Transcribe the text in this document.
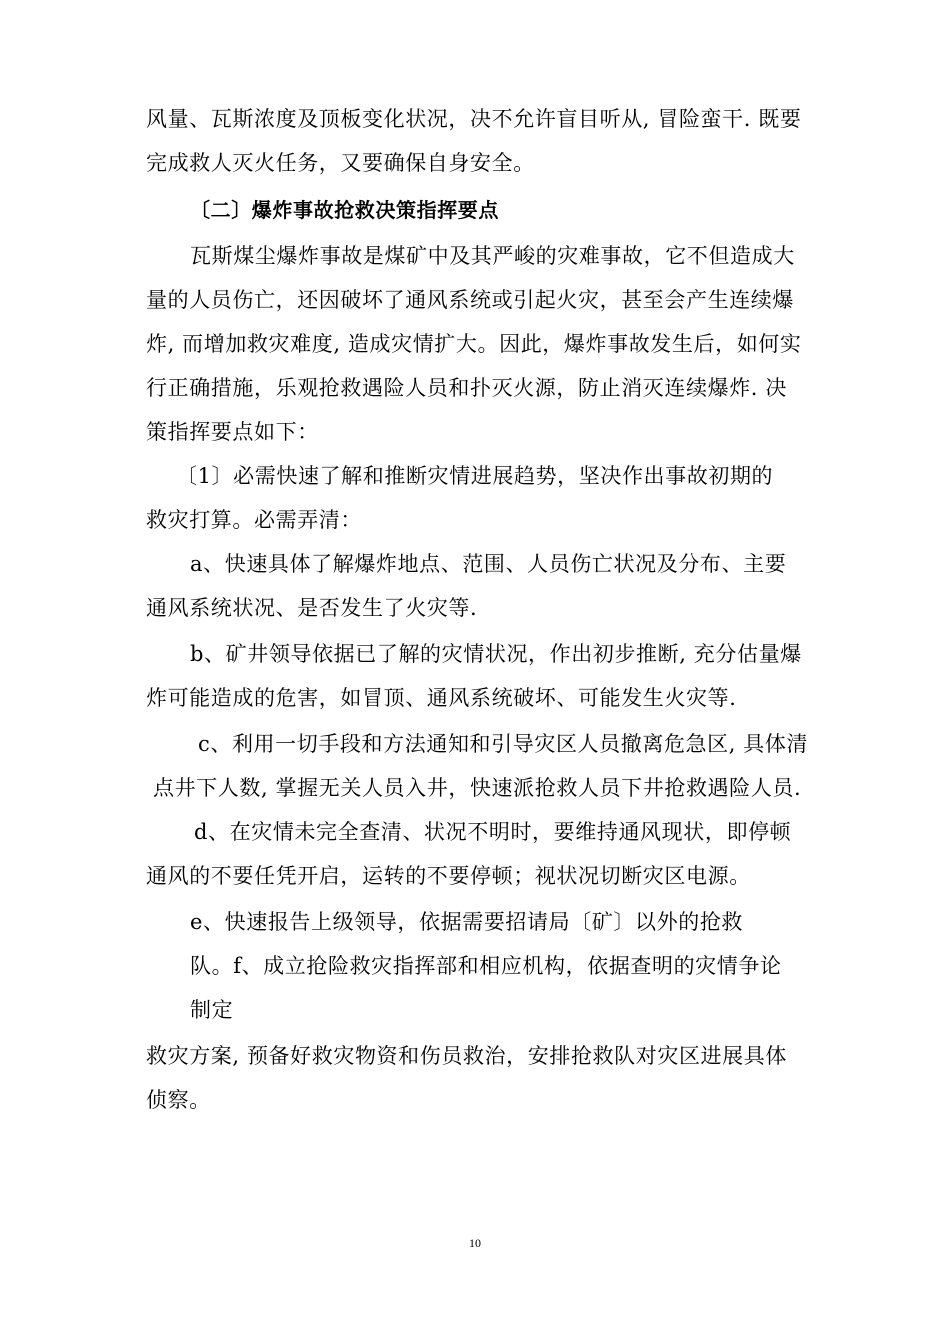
风量、瓦斯浓度及顶板变化状况，决不允许盲目听从, 冒险蛮干. 既要
完成救人灭火任务，又要确保自身安全。
〔二〕爆炸事故抢救决策指挥要点
瓦斯煤尘爆炸事故是煤矿中及其严峻的灾难事故，它不但造成大
量的人员伤亡，还因破坏了通风系统或引起火灾，甚至会产生连续爆
炸, 而增加救灾难度, 造成灾情扩大。因此，爆炸事故发生后，如何实
行正确措施，乐观抢救遇险人员和扑灭火源，防止消灭连续爆炸. 决
策指挥要点如下：
〔1〕必需快速了解和推断灾情进展趋势，坚决作出事故初期的
救灾打算。必需弄清：
a、快速具体了解爆炸地点、范围、人员伤亡状况及分布、主要
通风系统状况、是否发生了火灾等.
b、矿井领导依据已了解的灾情状况，作出初步推断, 充分估量爆
炸可能造成的危害，如冒顶、通风系统破坏、可能发生火灾等.
c、利用一切手段和方法通知和引导灾区人员撤离危急区, 具体清
点井下人数, 掌握无关人员入井，快速派抢救人员下井抢救遇险人员.
d、在灾情未完全查清、状况不明时，要维持通风现状，即停顿
通风的不要任凭开启，运转的不要停顿；视状况切断灾区电源。
e、快速报告上级领导，依据需要招请局〔矿〕以外的抢救
队。f、成立抢险救灾指挥部和相应机构，依据查明的灾情争论
制定
救灾方案, 预备好救灾物资和伤员救治，安排抢救队对灾区进展具体
侦察。
10
